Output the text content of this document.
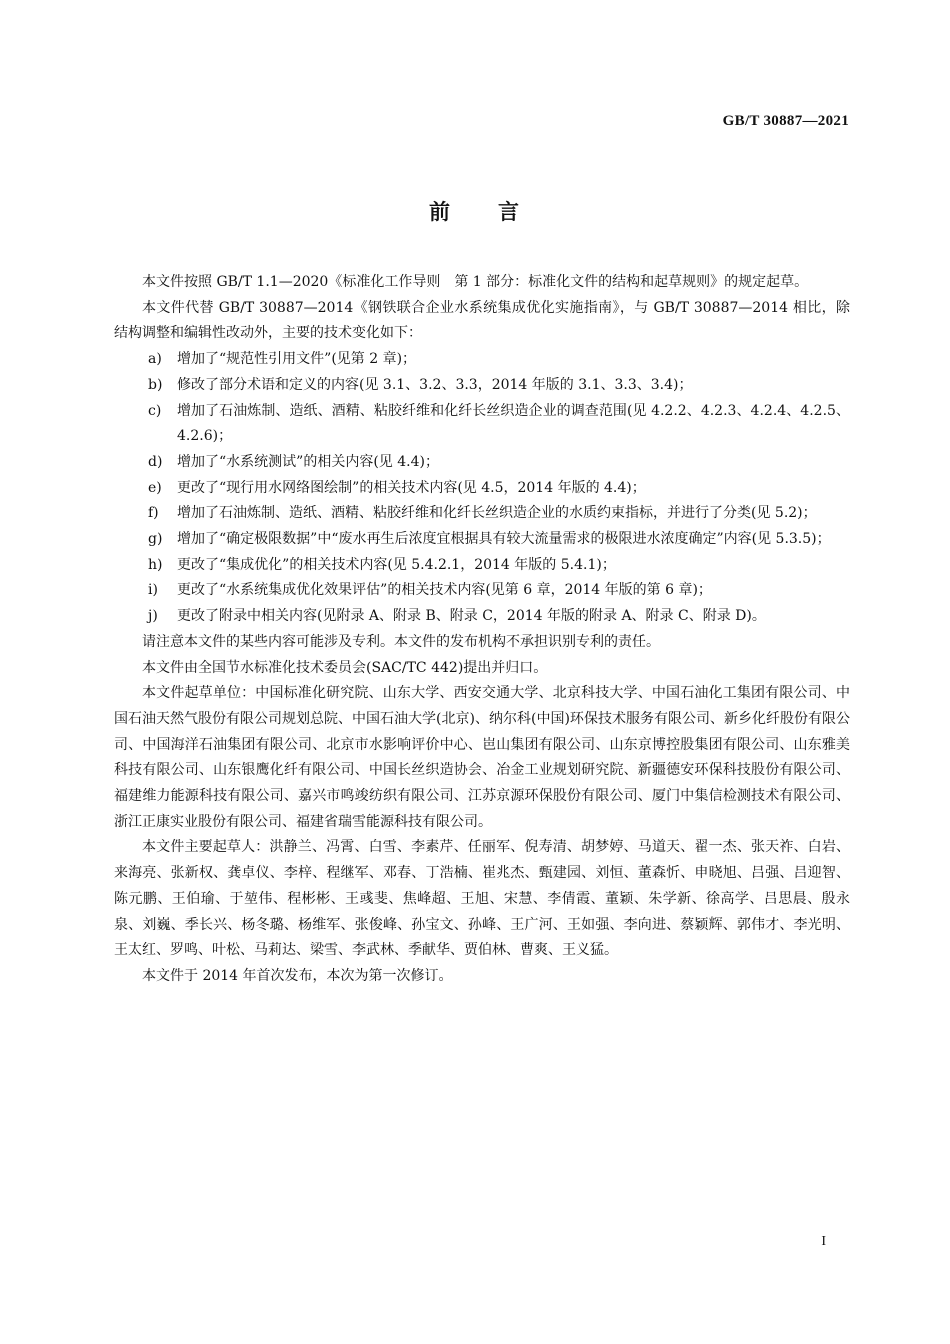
GB/T 30887—2021

前 言

本文件按照 GB/T 1.1—2020《标准化工作导则　第 1 部分：标准化文件的结构和起草规则》的规定起草。

本文件代替 GB/T 30887—2014《钢铁联合企业水系统集成优化实施指南》，与 GB/T 30887—2014 相比，除结构调整和编辑性改动外，主要的技术变化如下：

a) 增加了“规范性引用文件”(见第 2 章)；
b) 修改了部分术语和定义的内容(见 3.1、3.2、3.3，2014 年版的 3.1、3.3、3.4)；
c) 增加了石油炼制、造纸、酒精、粘胶纤维和化纤长丝织造企业的调查范围(见 4.2.2、4.2.3、4.2.4、4.2.5、4.2.6)；
d) 增加了“水系统测试”的相关内容(见 4.4)；
e) 更改了“现行用水网络图绘制”的相关技术内容(见 4.5，2014 年版的 4.4)；
f) 增加了石油炼制、造纸、酒精、粘胶纤维和化纤长丝织造企业的水质约束指标，并进行了分类(见 5.2)；
g) 增加了“确定极限数据”中“废水再生后浓度宜根据具有较大流量需求的极限进水浓度确定”内容(见 5.3.5)；
h) 更改了“集成优化”的相关技术内容(见 5.4.2.1，2014 年版的 5.4.1)；
i) 更改了“水系统集成优化效果评估”的相关技术内容(见第 6 章，2014 年版的第 6 章)；
j) 更改了附录中相关内容(见附录 A、附录 B、附录 C，2014 年版的附录 A、附录 C、附录 D)。

请注意本文件的某些内容可能涉及专利。本文件的发布机构不承担识别专利的责任。

本文件由全国节水标准化技术委员会(SAC/TC 442)提出并归口。

本文件起草单位：中国标准化研究院、山东大学、西安交通大学、北京科技大学、中国石油化工集团有限公司、中国石油天然气股份有限公司规划总院、中国石油大学(北京)、纳尔科(中国)环保技术服务有限公司、新乡化纤股份有限公司、中国海洋石油集团有限公司、北京市水影响评价中心、岜山集团有限公司、山东京博控股集团有限公司、山东雅美科技有限公司、山东银鹰化纤有限公司、中国长丝织造协会、冶金工业规划研究院、新疆德安环保科技股份有限公司、福建维力能源科技有限公司、嘉兴市鸣竣纺织有限公司、江苏京源环保股份有限公司、厦门中集信检测技术有限公司、浙江正康实业股份有限公司、福建省瑞雪能源科技有限公司。

本文件主要起草人：洪静兰、冯霄、白雪、李素芹、任丽军、倪寿清、胡梦婷、马道天、翟一杰、张天祚、白岩、来海亮、张新权、龚卓仪、李梓、程继军、邓春、丁浩楠、崔兆杰、甄建园、刘恒、董森忻、申晓旭、吕强、吕迎智、陈元鹏、王伯瑜、于堃伟、程彬彬、王彧斐、焦峰超、王旭、宋慧、李倩霞、董颖、朱学新、徐高学、吕思晨、殷永泉、刘巍、季长兴、杨冬璐、杨维军、张俊峰、孙宝文、孙峰、王广河、王如强、李向进、蔡颖辉、郭伟才、李光明、王太红、罗鸣、叶松、马莉达、梁雪、李武林、季献华、贾伯林、曹爽、王义猛。

本文件于 2014 年首次发布，本次为第一次修订。

I
